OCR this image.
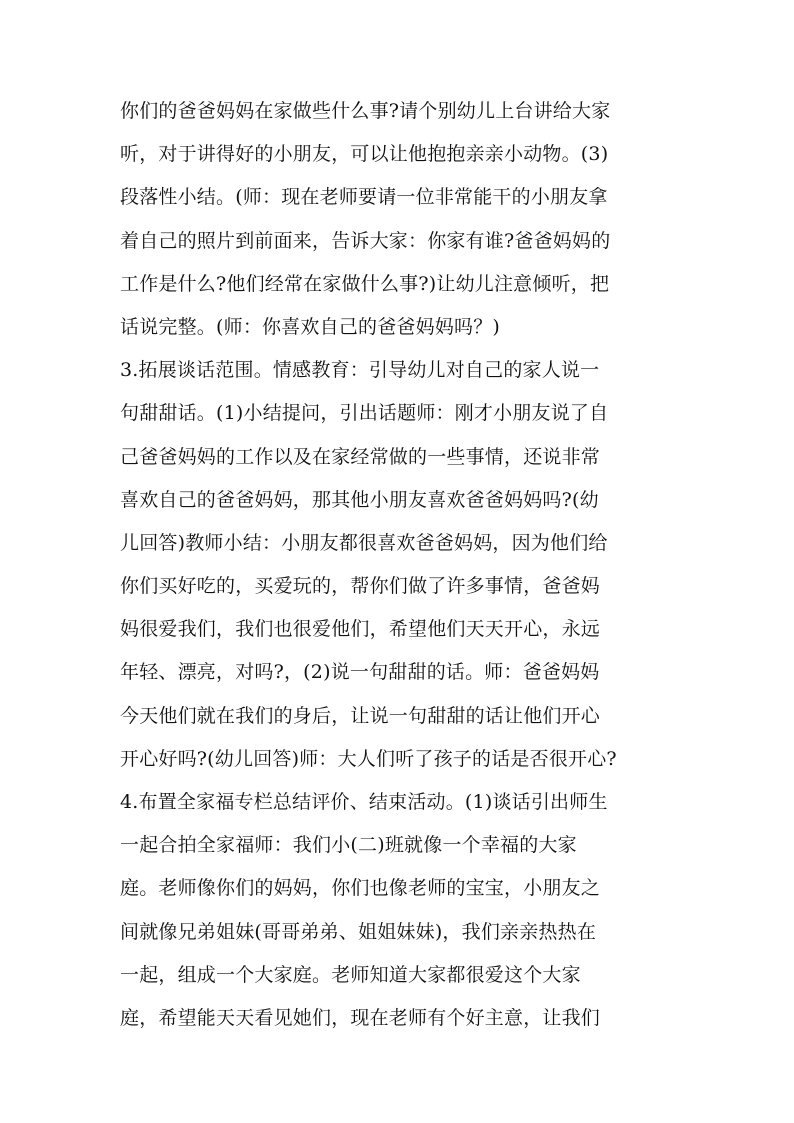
你们的爸爸妈妈在家做些什么事?请个别幼儿上台讲给大家
听，对于讲得好的小朋友，可以让他抱抱亲亲小动物。(3)
段落性小结。(师：现在老师要请一位非常能干的小朋友拿
着自己的照片到前面来，告诉大家：你家有谁?爸爸妈妈的
工作是什么?他们经常在家做什么事?)让幼儿注意倾听，把
话说完整。(师：你喜欢自己的爸爸妈妈吗？)
3.拓展谈话范围。情感教育：引导幼儿对自己的家人说一
句甜甜话。(1)小结提问，引出话题师：刚才小朋友说了自
己爸爸妈妈的工作以及在家经常做的一些事情，还说非常
喜欢自己的爸爸妈妈，那其他小朋友喜欢爸爸妈妈吗?(幼
儿回答)教师小结：小朋友都很喜欢爸爸妈妈，因为他们给
你们买好吃的，买爱玩的，帮你们做了许多事情，爸爸妈
妈很爱我们，我们也很爱他们，希望他们天天开心，永远
年轻、漂亮，对吗?，(2)说一句甜甜的话。师：爸爸妈妈
今天他们就在我们的身后，让说一句甜甜的话让他们开心
开心好吗?(幼儿回答)师：大人们听了孩子的话是否很开心?
4.布置全家福专栏总结评价、结束活动。(1)谈话引出师生
一起合拍全家福师：我们小(二)班就像一个幸福的大家
庭。老师像你们的妈妈，你们也像老师的宝宝，小朋友之
间就像兄弟姐妹(哥哥弟弟、姐姐妹妹)，我们亲亲热热在
一起，组成一个大家庭。老师知道大家都很爱这个大家
庭，希望能天天看见她们，现在老师有个好主意，让我们
